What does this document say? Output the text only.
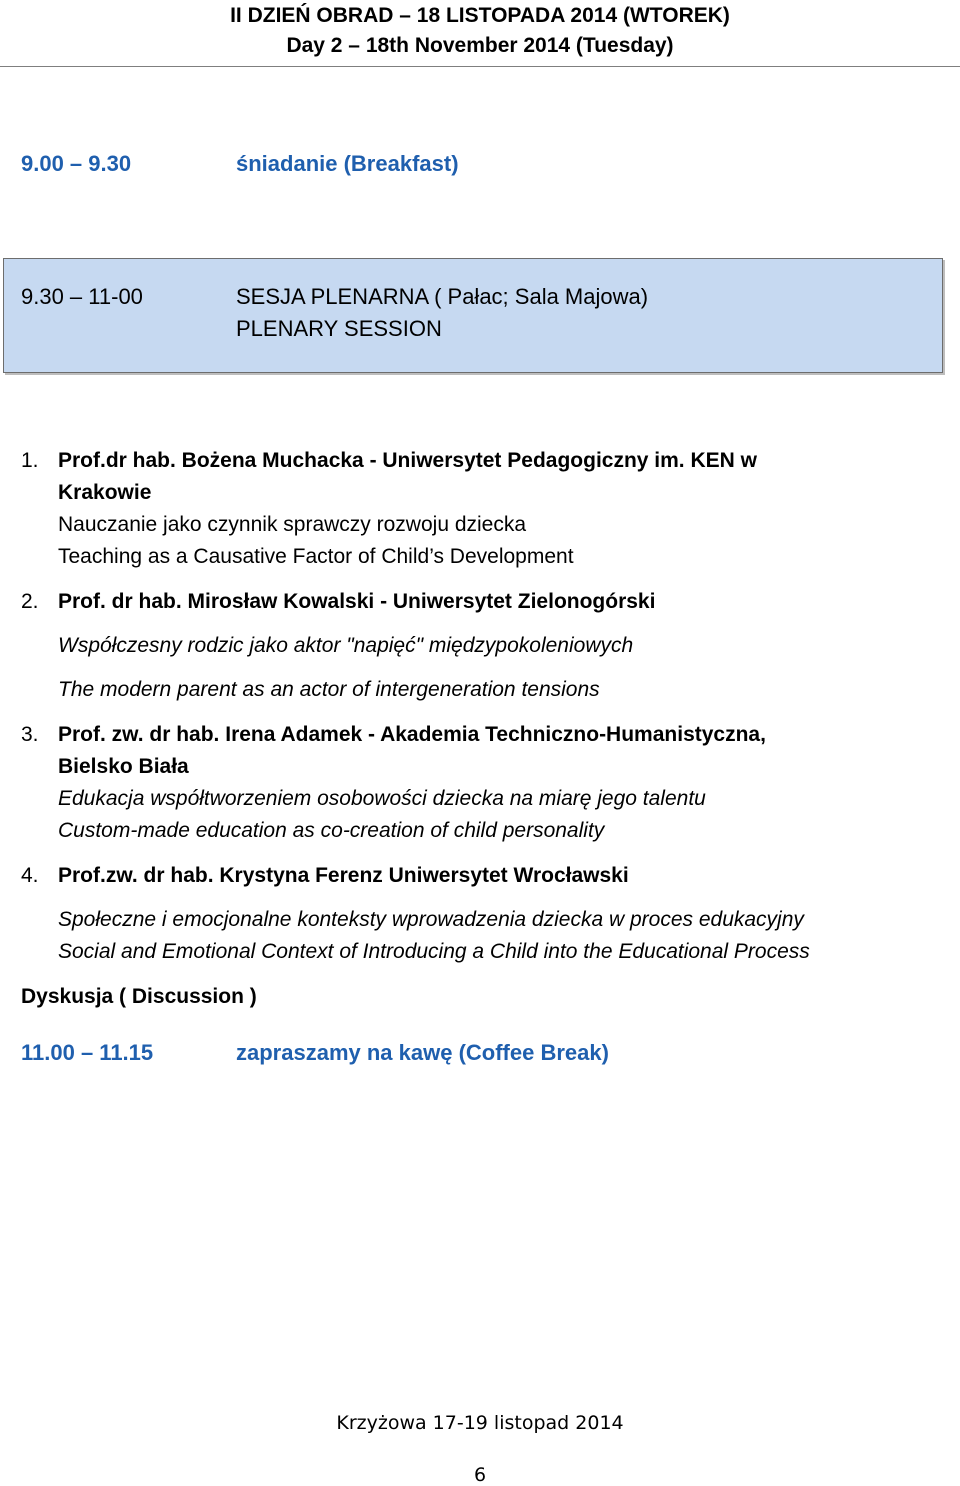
II DZIEŃ OBRAD – 18 LISTOPADA 2014 (WTOREK)
Day 2 – 18th November 2014 (Tuesday)
9.00 – 9.30	śniadanie (Breakfast)
9.30 – 11-00	SESJA PLENARNA ( Pałac; Sala Majowa)
PLENARY SESSION
1. Prof.dr hab. Bożena Muchacka - Uniwersytet Pedagogiczny im. KEN w
Krakowie
Nauczanie jako czynnik sprawczy rozwoju dziecka
Teaching as a Causative Factor of Child’s Development
2. Prof. dr hab. Mirosław Kowalski - Uniwersytet Zielonogórski
Współczesny rodzic jako aktor "napięć" międzypokoleniowych
The modern parent as an actor of intergeneration tensions
3. Prof. zw. dr hab. Irena Adamek - Akademia Techniczno-Humanistyczna,
Bielsko Biała
Edukacja współtworzeniem osobowości dziecka na miarę jego talentu
Custom-made education as co-creation of child personality
4. Prof.zw. dr hab. Krystyna Ferenz Uniwersytet Wrocławski
Społeczne i emocjonalne konteksty wprowadzenia dziecka w proces edukacyjny
Social and Emotional Context of Introducing a Child into the Educational Process
Dyskusja ( Discussion )
11.00 – 11.15	zapraszamy na kawę (Coffee Break)
Krzyżowa 17-19 listopad 2014
6
